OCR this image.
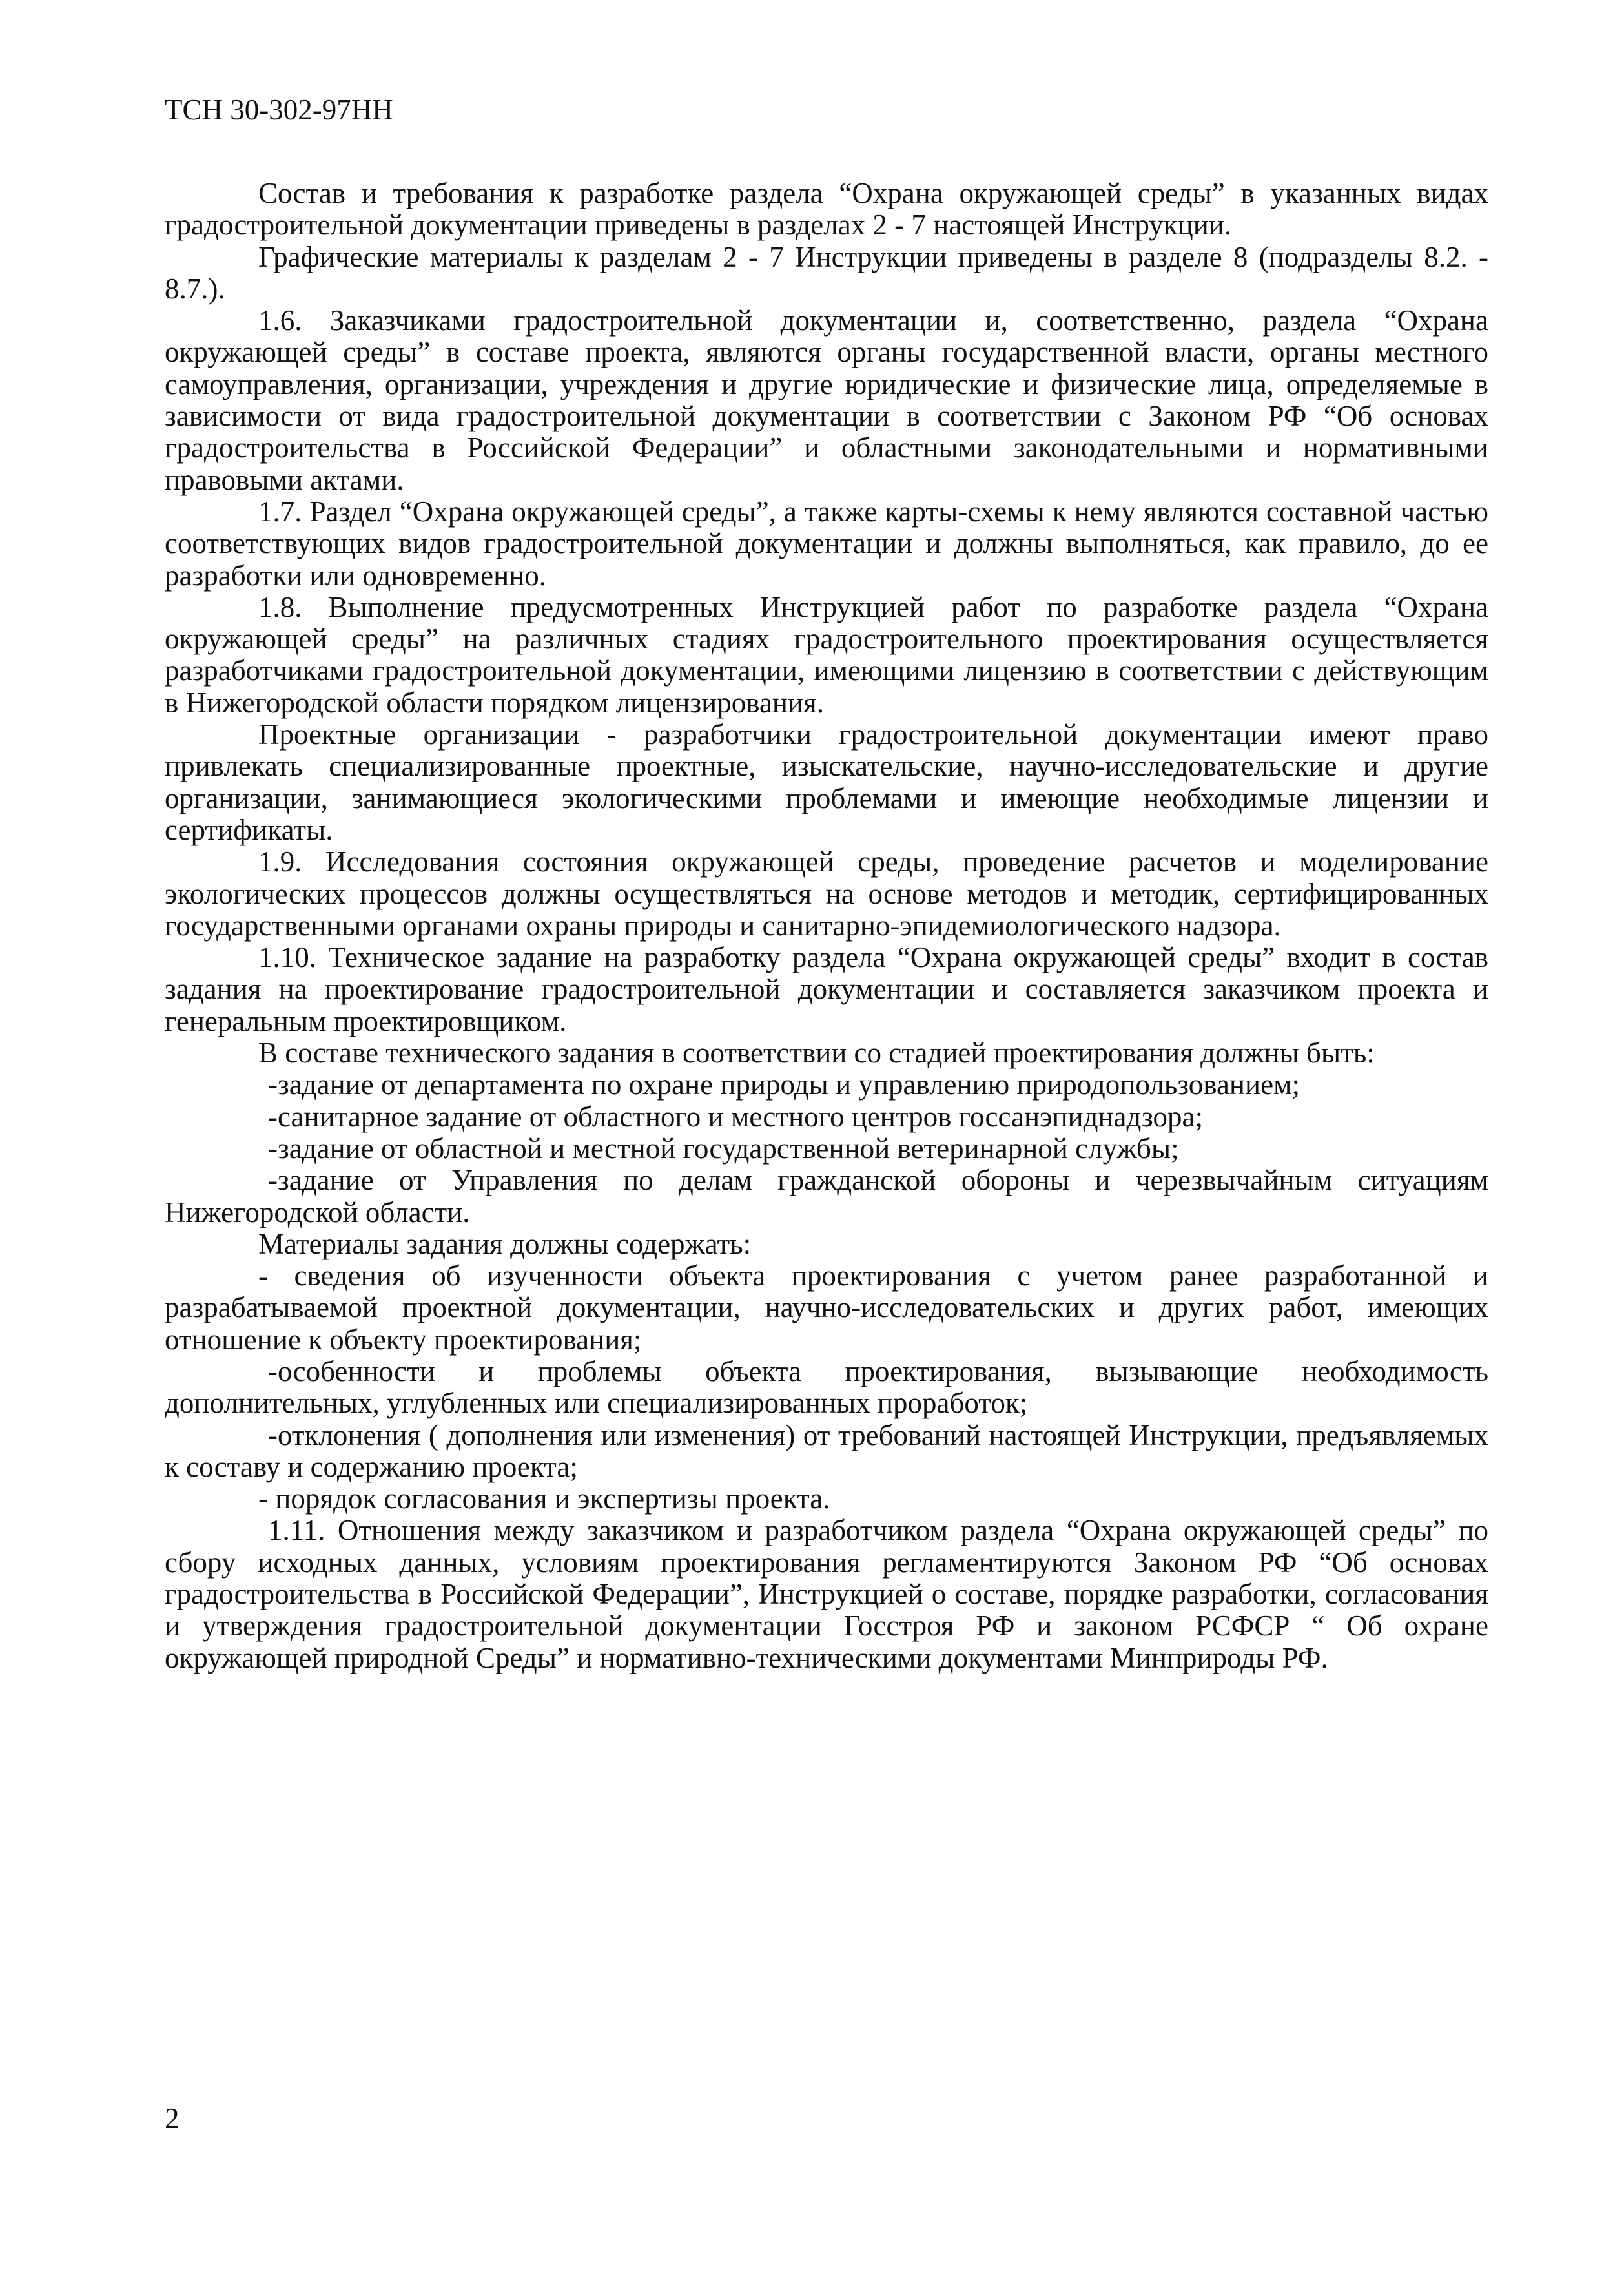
ТСН 30-302-97НН

Состав и требования к разработке раздела “Охрана окружающей среды” в указанных видах градостроительной документации приведены в разделах 2 - 7 настоящей Инструкции.

Графические материалы к разделам 2 - 7 Инструкции приведены в разделе 8 (подразделы 8.2. - 8.7.).

1.6. Заказчиками градостроительной документации и, соответственно, раздела “Охрана окружающей среды” в составе проекта, являются органы государственной власти, органы местного самоуправления, организации, учреждения и другие юридические и физические лица, определяемые в зависимости от вида градостроительной документации в соответствии с Законом РФ “Об основах градостроительства в Российской Федерации” и областными законодательными и нормативными правовыми актами.

1.7. Раздел “Охрана окружающей среды”, а также карты-схемы к нему являются составной частью соответствующих видов градостроительной документации и должны выполняться, как правило, до ее разработки или одновременно.

1.8. Выполнение предусмотренных Инструкцией работ по разработке раздела “Охрана окружающей среды” на различных стадиях градостроительного проектирования осуществляется разработчиками градостроительной документации, имеющими лицензию в соответствии с действующим в Нижегородской области порядком лицензирования.

Проектные организации - разработчики градостроительной документации имеют право привлекать специализированные проектные, изыскательские, научно-исследовательские и другие организации, занимающиеся экологическими проблемами и имеющие необходимые лицензии и сертификаты.

1.9. Исследования состояния окружающей среды, проведение расчетов и моделирование экологических процессов должны осуществляться на основе методов и методик, сертифицированных государственными органами охраны природы и санитарно-эпидемиологического надзора.

1.10. Техническое задание на разработку раздела “Охрана окружающей среды” входит в состав задания на проектирование градостроительной документации и составляется заказчиком проекта и генеральным проектировщиком.

В составе технического задания в соответствии со стадией проектирования должны быть:

-задание от департамента по охране природы и управлению природопользованием;

-санитарное задание от областного и местного центров госсанэпиднадзора;

-задание от областной и местной государственной ветеринарной службы;

-задание от Управления по делам гражданской обороны и черезвычайным ситуациям Нижегородской области.

Материалы задания должны содержать:

- сведения об изученности объекта проектирования с учетом ранее разработанной и разрабатываемой проектной документации, научно-исследовательских и других работ, имеющих отношение к объекту проектирования;

-особенности и проблемы объекта проектирования, вызывающие необходимость дополнительных, углубленных или специализированных проработок;

-отклонения ( дополнения или изменения) от требований настоящей Инструкции, предъявляемых к составу и содержанию проекта;

- порядок согласования и экспертизы проекта.

1.11. Отношения между заказчиком и разработчиком раздела “Охрана окружающей среды” по сбору исходных данных, условиям проектирования регламентируются Законом РФ “Об основах градостроительства в Российской Федерации”, Инструкцией о составе, порядке разработки, согласования и утверждения градостроительной документации Госстроя РФ и законом РСФСР “ Об охране окружающей природной Среды” и нормативно-техническими документами Минприроды РФ.

2
